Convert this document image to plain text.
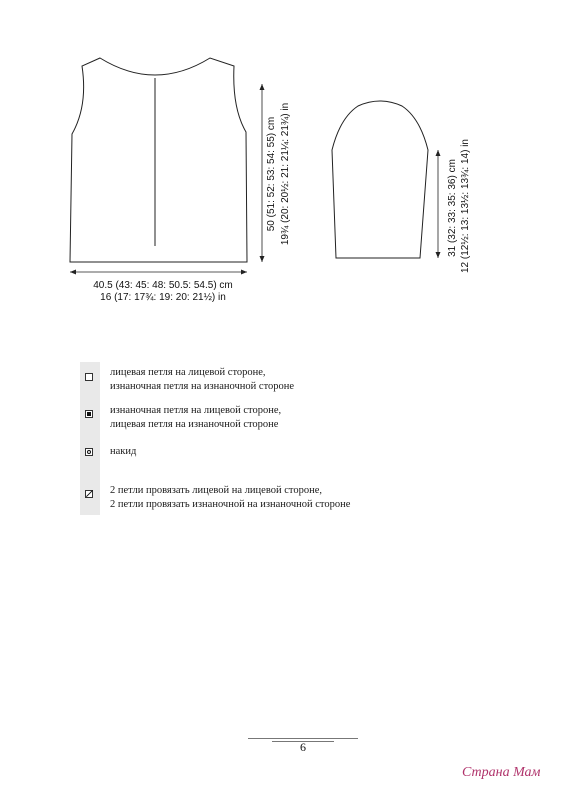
40.5 (43: 45: 48: 50.5: 54.5) cm
16 (17: 17¾: 19: 20: 21½) in
50 (51: 52: 53: 54: 55) cm 19¾ (20: 20½: 21: 21¼: 21¾) in	31 (32: 33: 35: 36) cm 12 (12½: 13: 13½: 13¾: 14) in
лицевая петля на лицевой стороне,
изнаночная петля на изнаночной стороне
изнаночная петля на лицевой стороне,
лицевая петля на изнаночной стороне
накид
2 петли провязать лицевой на лицевой стороне,
2 петли провязать изнаночной на изнаночной стороне
6
Страна Мам
